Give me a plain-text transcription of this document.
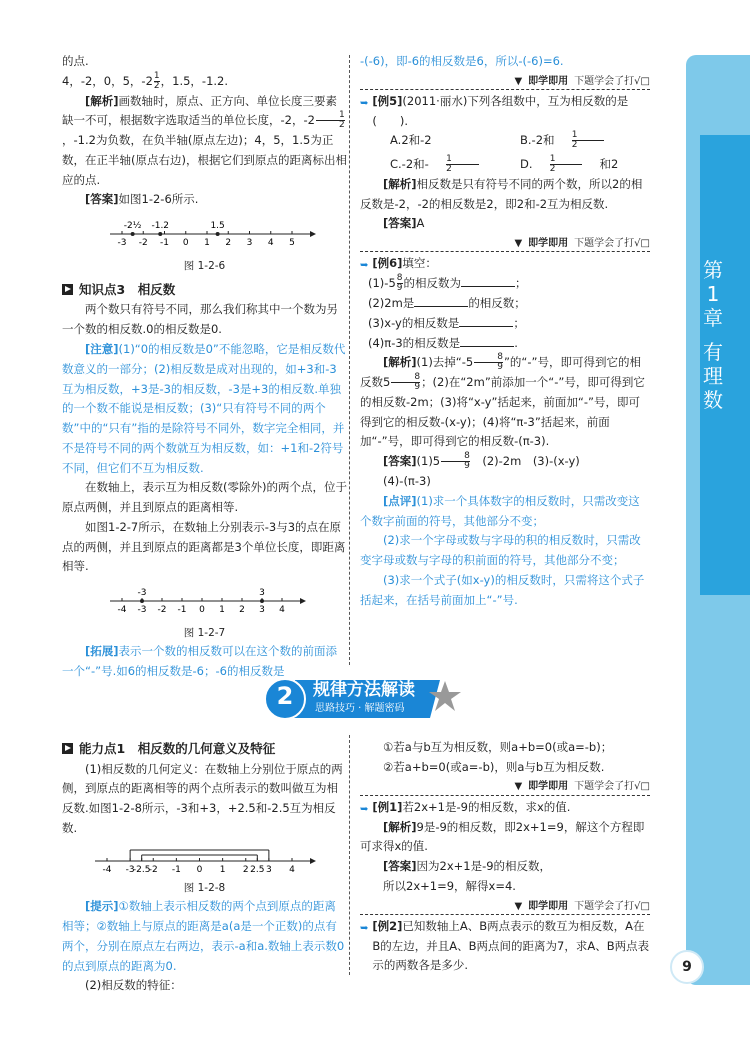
第1章
有理数

的点.

4，-2，0，5，$-2 \frac{1}{2}$ ，1.5，-1.2.

[解析]画数轴时，原点、正方向、单位长度三要素缺一不可，根据数字选取适当的单位长度，-2，$-2 \frac{1}{2}$
，-1.2为负数，在负半轴(原点左边)；4，5，1.5为正数，在正半轴(原点右边)，根据它们到原点的距离标出相应的点.

[答案]如图1-2-6所示.

-3 -2 -1 0 1 2 3 4 5
-2½ -1.2	1.5

图 1-2-6

知识点3　相反数

两个数只有符号不同，那么我们称其中一个数为另一个数的相反数.0的相反数是0.

[注意](1)“0的相反数是0”不能忽略，它是相反数代数意义的一部分；(2)相反数是成对出现的，如+3和-3互为相反数，+3是-3的相反数，-3是+3的相反数.单独的一个数不能说是相反数；(3)“只有符号不同的两个数”中的“只有”指的是除符号不同外，数字完全相同，并不是符号不同的两个数就互为相反数，如：+1和-2符号不同，但它们不互为相反数.

在数轴上，表示互为相反数(零除外)的两个点，位于原点两侧，并且到原点的距离相等.

如图1-2-7所示，在数轴上分别表示-3与3的点在原点的两侧，并且到原点的距离都是3个单位长度，即距离相等.

-4 -3 -2 -1 0 1 2 3 4
-3	3

图 1-2-7

[拓展]表示一个数的相反数可以在这个数的前面添一个“-”号.如6的相反数是-6；-6的相反数是

-(-6)，即-6的相反数是6，所以-(-6)=6.

▼ 即学即用 下题学会了打√□
➥ [例5](2011·丽水)下列各组数中，互为相反数的是(　　).

A.2和-2	B.-2和 $\frac{1}{2}$
C.-2和- $\frac{1}{2} D$. $\frac{1}{2}$ 和2

[解析]相反数是只有符号不同的两个数，所以2的相反数是-2，-2的相反数是2，即2和-2互为相反数.

[答案]A

▼ 即学即用 下题学会了打√□
➥ [例6]填空：

$(1)-5 \frac{8}{9}$ 的相反数为	；

(2)2m是	的相反数；

(3)x-y的相反数是	；

(4)π-3的相反数是	.

[解析](1)去掉“$-5 \frac{8}{9}$ ”的“-”号，即可得到它的相反数$5 \frac{8}{9}$ ；(2)在“2m”前添加一个“-”号，即可得到它的相反数-2m；(3)将“x-y”括起来，前面加“-”号，即可得到它的相反数-(x-y)；(4)将“π-3”括起来，前面加“-”号，即可得到它的相反数-(π-3).

[答案]$(1)5 \frac{8}{9}$
　 (2)-2m　(3)-(x-y)

(4)-(π-3)

[点评](1)求一个具体数字的相反数时，只需改变这个数字前面的符号，其他部分不变；

(2)求一个字母或数与字母的积的相反数时，只需改变字母或数与字母的积前面的符号，其他部分不变；

(3)求一个式子(如x-y)的相反数时，只需将这个式子括起来，在括号前面加上“-”号.

2 规律方法解读
思路技巧 · 解题密码

能力点1　相反数的几何意义及特征

(1)相反数的几何定义：在数轴上分别位于原点的两侧，到原点的距离相等的两个点所表示的数叫做互为相反数.如图1-2-8所示，-3和+3，+2.5和-2.5互为相反数.

-4 -3
-2.5
-2 -1 0 1 2 2.5 3 4

图 1-2-8

[提示]①数轴上表示相反数的两个点到原点的距离相等；②数轴上与原点的距离是a(a是一个正数)的点有两个，分别在原点左右两边，表示-a和a.数轴上表示数0的点到原点的距离为0.

(2)相反数的特征：

①若a与b互为相反数，则a+b=0(或a=-b)；

②若a+b=0(或a=-b)，则a与b互为相反数.

▼ 即学即用 下题学会了打√□
➥ [例1]若2x+1是-9的相反数，求x的值.

[解析]9是-9的相反数，即2x+1=9，解这个方程即可求得x的值.

[答案]因为2x+1是-9的相反数，

所以2x+1=9，解得x=4.

▼ 即学即用 下题学会了打√□
➥ [例2]已知数轴上A、B两点表示的数互为相反数，A在B的左边，并且A、B两点间的距离为7，求A、B两点表示的两数各是多少.	9
